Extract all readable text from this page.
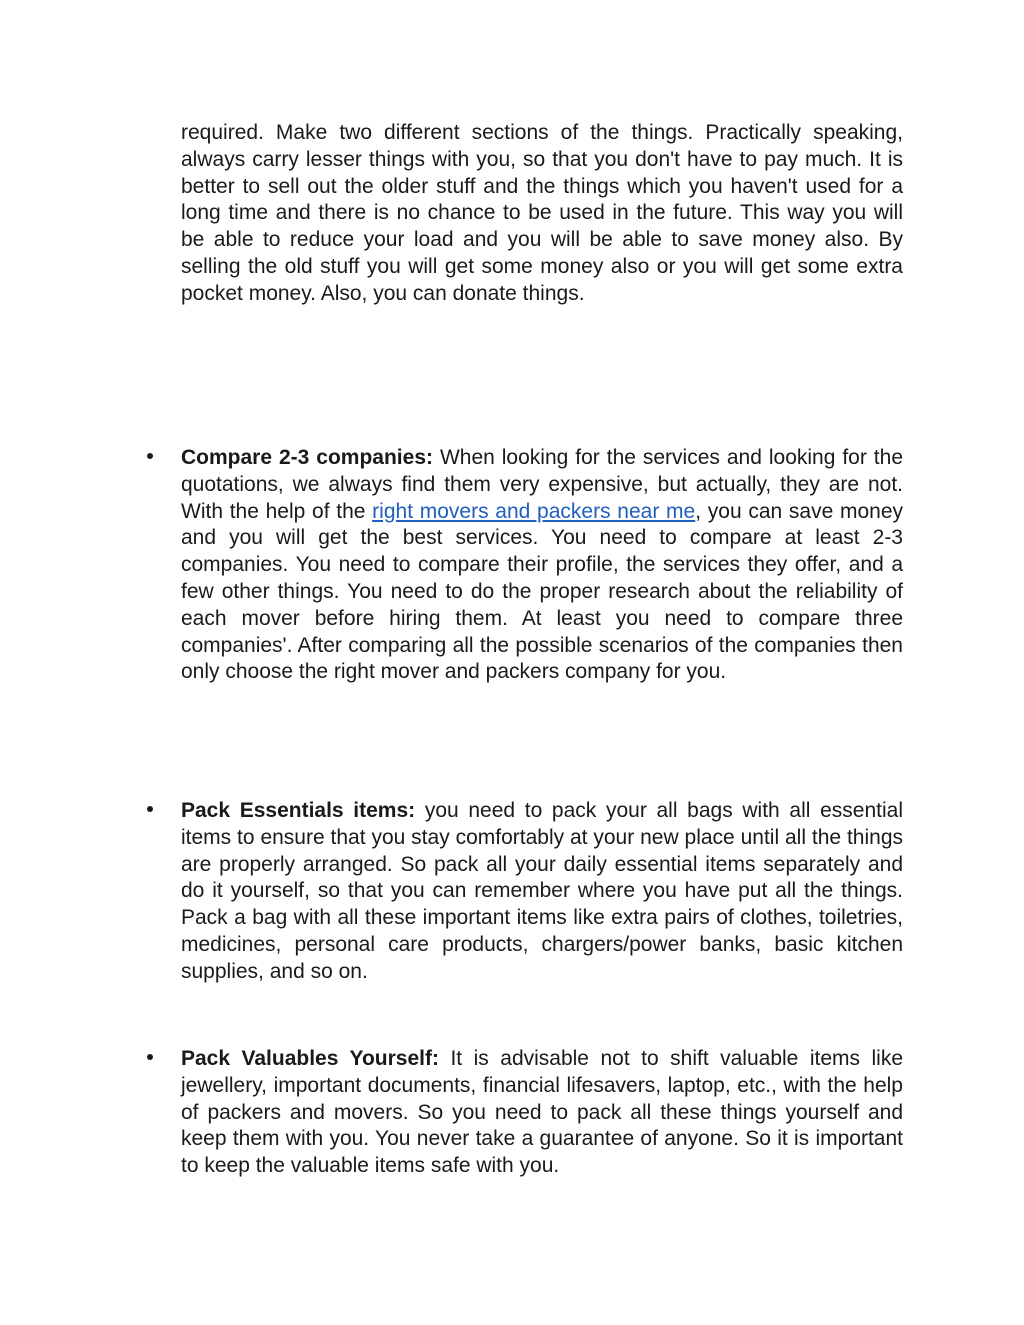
required. Make two different sections of the things. Practically speaking, always carry lesser things with you, so that you don't have to pay much. It is better to sell out the older stuff and the things which you haven't used for a long time and there is no chance to be used in the future. This way you will be able to reduce your load and you will be able to save money also. By selling the old stuff you will get some money also or you will get some extra pocket money. Also, you can donate things.

Compare 2-3 companies: When looking for the services and looking for the quotations, we always find them very expensive, but actually, they are not. With the help of the right movers and packers near me, you can save money and you will get the best services. You need to compare at least 2-3 companies. You need to compare their profile, the services they offer, and a few other things. You need to do the proper research about the reliability of each mover before hiring them. At least you need to compare three companies'. After comparing all the possible scenarios of the companies then only choose the right mover and packers company for you.

Pack Essentials items: you need to pack your all bags with all essential items to ensure that you stay comfortably at your new place until all the things are properly arranged. So pack all your daily essential items separately and do it yourself, so that you can remember where you have put all the things. Pack a bag with all these important items like extra pairs of clothes, toiletries, medicines, personal care products, chargers/power banks, basic kitchen supplies, and so on.

Pack Valuables Yourself: It is advisable not to shift valuable items like jewellery, important documents, financial lifesavers, laptop, etc., with the help of packers and movers. So you need to pack all these things yourself and keep them with you. You never take a guarantee of anyone. So it is important to keep the valuable items safe with you.
